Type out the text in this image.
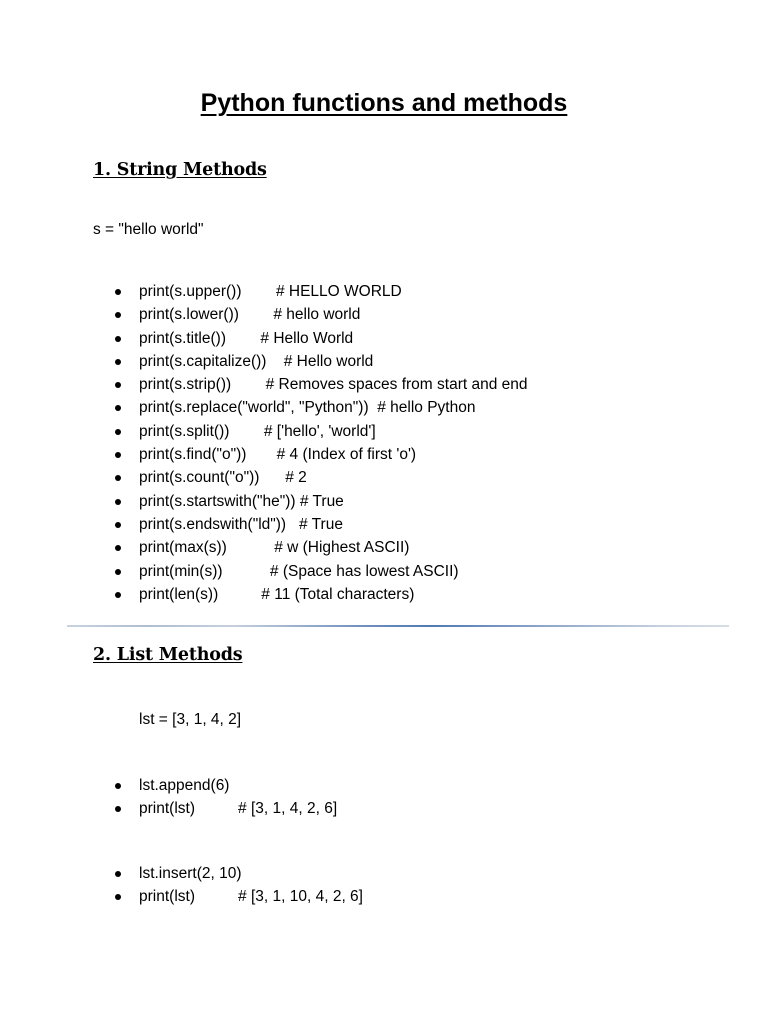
Python functions and methods
1. String Methods
s = "hello world"
print(s.upper())        # HELLO WORLD
print(s.lower())        # hello world
print(s.title())        # Hello World
print(s.capitalize())    # Hello world
print(s.strip())        # Removes spaces from start and end
print(s.replace("world", "Python"))  # hello Python
print(s.split())        # ['hello', 'world']
print(s.find("o"))       # 4 (Index of first 'o')
print(s.count("o"))      # 2
print(s.startswith("he")) # True
print(s.endswith("ld"))   # True
print(max(s))           # w (Highest ASCII)
print(min(s))           # (Space has lowest ASCII)
print(len(s))          # 11 (Total characters)
2. List Methods
lst = [3, 1, 4, 2]
lst.append(6)
print(lst)          # [3, 1, 4, 2, 6]
lst.insert(2, 10)
print(lst)          # [3, 1, 10, 4, 2, 6]
